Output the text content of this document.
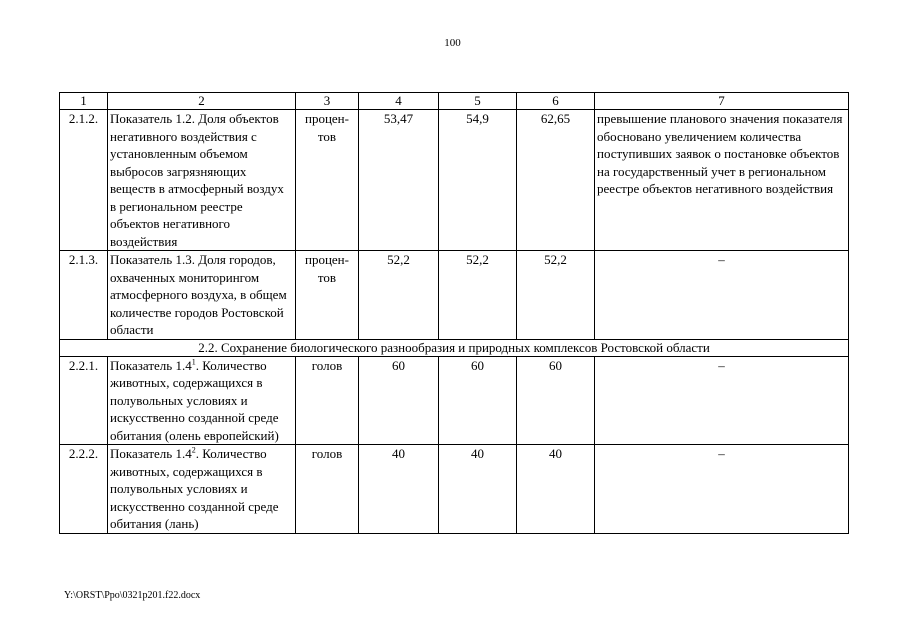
100
1	2	3	4	5	6	7
2.1.2.	Показатель 1.2. Доля объектов негативного воздействия с установленным объемом выбросов загрязняющих веществ в атмосферный воздух в региональном реестре объектов негативного воздействия	процен-тов	53,47	54,9	62,65	превышение планового значения показателя обосновано увеличением количества поступивших заявок о постановке объектов на государственный учет в региональном реестре объектов негативного воздействия
2.1.3.	Показатель 1.3. Доля городов, охваченных мониторингом атмосферного воздуха, в общем количестве городов Ростовской области	процен-тов	52,2	52,2	52,2	–
2.2. Сохранение биологического разнообразия и природных комплексов Ростовской области						
2.2.1.	Показатель $1.4^1$. Количество животных, содержащихся в полувольных условиях и искусственно созданной среде обитания (олень европейский)	голов	60	60	60	–
2.2.2.	Показатель $1.4^2$. Количество животных, содержащихся в полувольных условиях и искусственно созданной среде обитания (лань)	голов	40	40	40	–
Y:\ORST\Ppo\0321p201.f22.docx
